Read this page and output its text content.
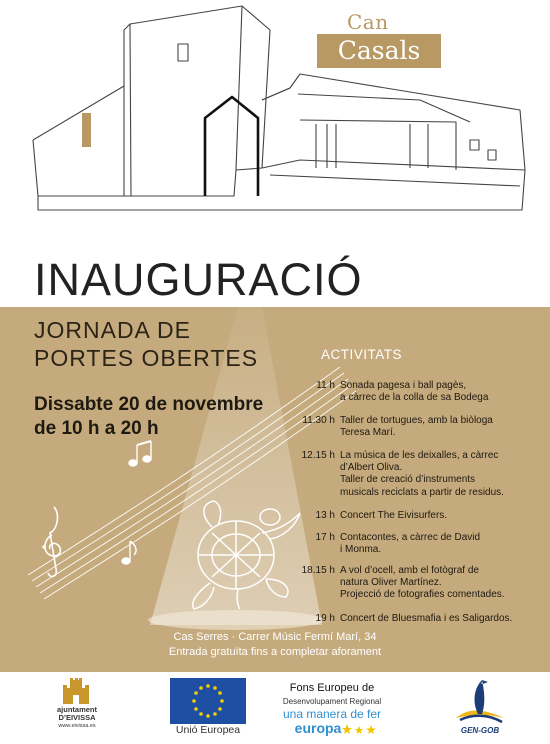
Can
Casals
INAUGURACIÓ
JORNADA DE
PORTES OBERTES
Dissabte 20 de novembre
de 10 h a 20 h
ACTIVITATS
11 h Sonada pagesa i ball pagès,
a càrrec de la colla de sa Bodega
11.30 h Taller de tortugues, amb la biòloga
Teresa Marí.
12.15 h La música de les deixalles, a càrrec
d’Albert Oliva.
Taller de creació d’instruments
musicals reciclats a partir de residus.
13 h Concert The Eivisurfers.
17 h Contacontes, a càrrec de David
i Monma.
18.15 h A vol d’ocell, amb el fotògraf de
natura Oliver Martínez.
Projecció de fotografies comentades.
19 h Concert de Bluesmafia i es Saligardos.
Cas Serres · Carrer Músic Fermí Marí, 34
Entrada gratuïta fins a completar aforament
ajuntament
D’EIVISSA
www.eivissa.es	Unió Europea
Fons Europeu de
Desenvolupament Regional
una manera de fer
europa	GEN-GOB
